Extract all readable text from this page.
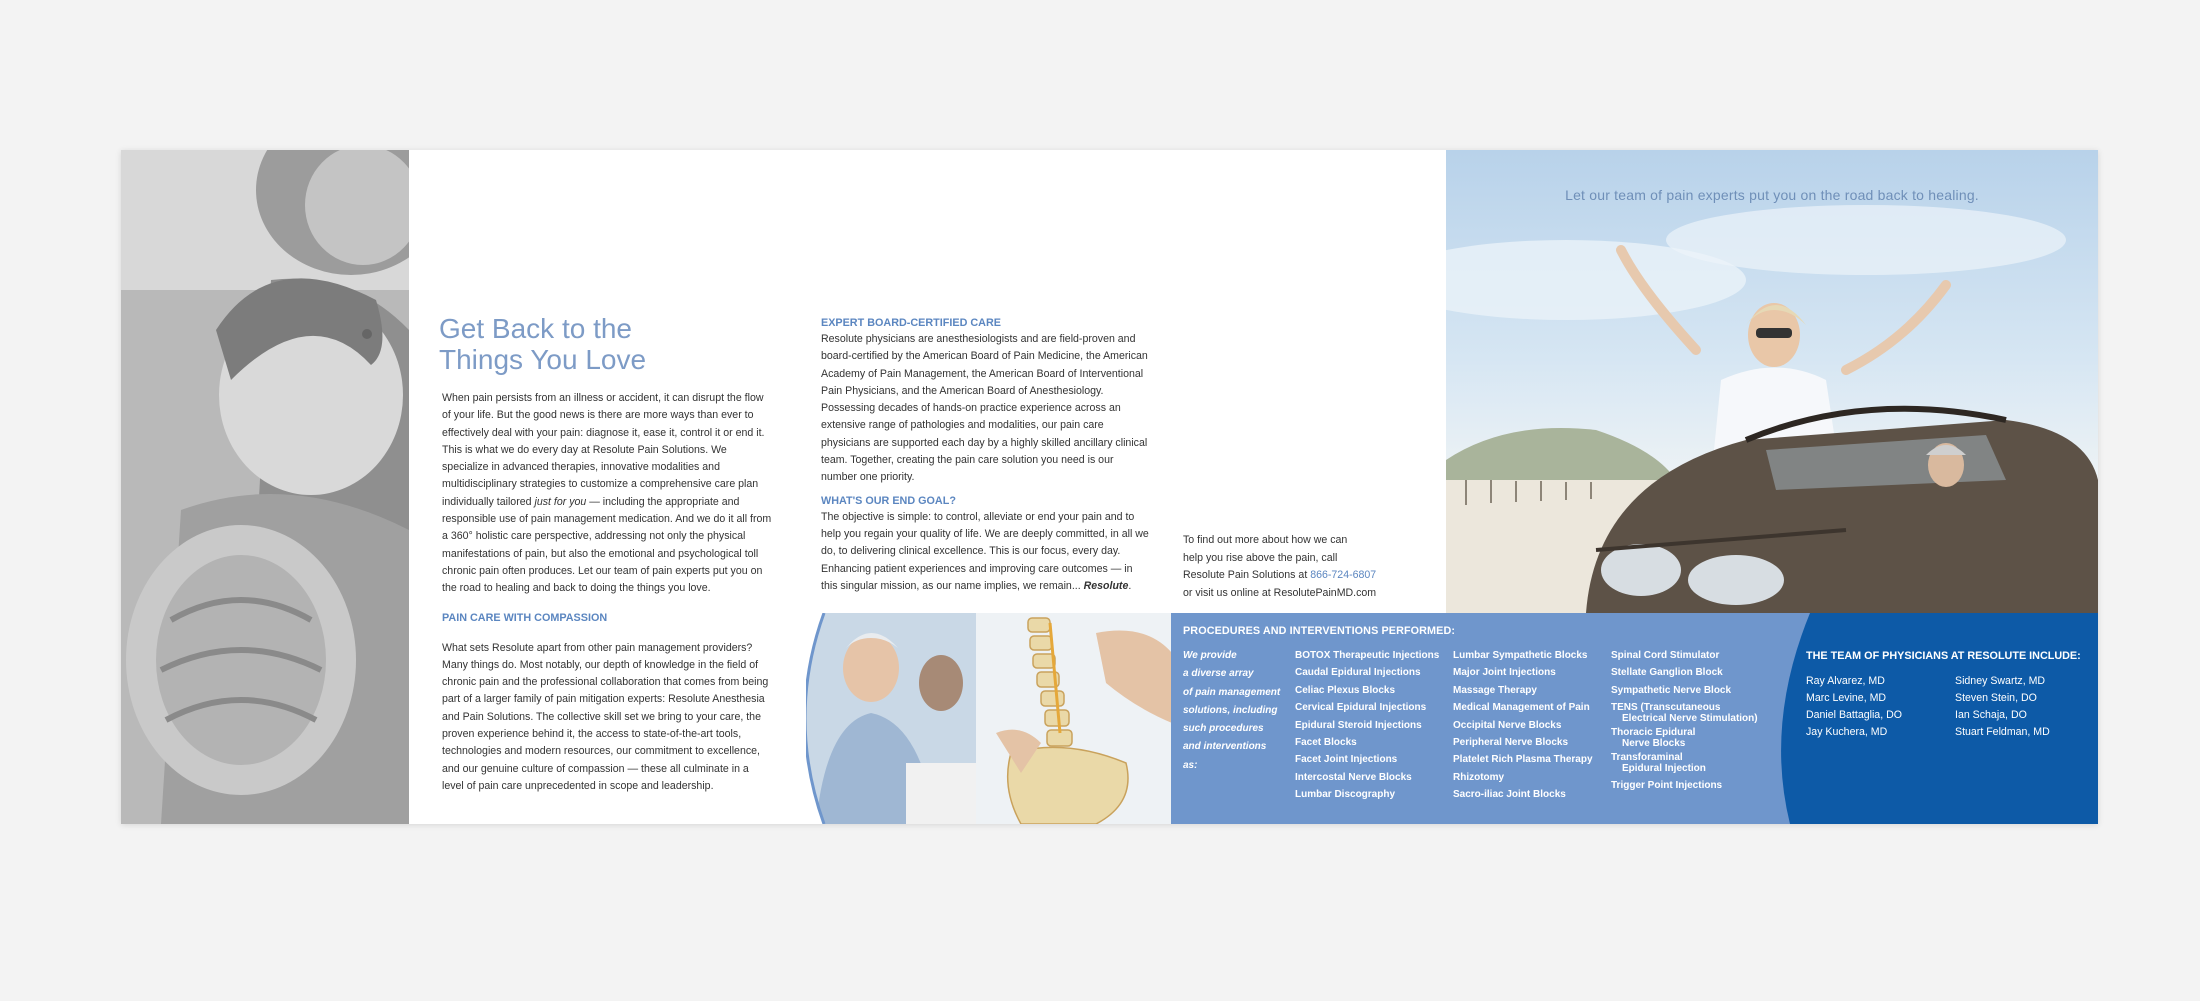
Get Back to the
Things You Love

When pain persists from an illness or accident, it can disrupt the flow of your life. But the good news is there are more ways than ever to effectively deal with your pain: diagnose it, ease it, control it or end it. This is what we do every day at Resolute Pain Solutions. We specialize in advanced therapies, innovative modalities and multidisciplinary strategies to customize a comprehensive care plan individually tailored just for you — including the appropriate and responsible use of pain management medication. And we do it all from a 360° holistic care perspective, addressing not only the physical manifestations of pain, but also the emotional and psychological toll chronic pain often produces. Let our team of pain experts put you on the road to healing and back to doing the things you love.

PAIN CARE WITH COMPASSION

What sets Resolute apart from other pain management providers? Many things do. Most notably, our depth of knowledge in the field of chronic pain and the professional collaboration that comes from being part of a larger family of pain mitigation experts: Resolute Anesthesia and Pain Solutions. The collective skill set we bring to your care, the proven experience behind it, the access to state-of-the-art tools, technologies and modern resources, our commitment to excellence, and our genuine culture of compassion — these all culminate in a level of pain care unprecedented in scope and leadership.

EXPERT BOARD-CERTIFIED CARE

Resolute physicians are anesthesiologists and are field-proven and board-certified by the American Board of Pain Medicine, the American Academy of Pain Management, the American Board of Interventional Pain Physicians, and the American Board of Anesthesiology. Possessing decades of hands-on practice experience across an extensive range of pathologies and modalities, our pain care physicians are supported each day by a highly skilled ancillary clinical team. Together, creating the pain care solution you need is our number one priority.

WHAT'S OUR END GOAL?

The objective is simple: to control, alleviate or end your pain and to help you regain your quality of life. We are deeply committed, in all we do, to delivering clinical excellence. This is our focus, every day. Enhancing patient experiences and improving care outcomes — in this singular mission, as our name implies, we remain... Resolute.

To find out more about how we can
help you rise above the pain, call
Resolute Pain Solutions at 866-724-6807
or visit us online at ResolutePainMD.com
PROCEDURES AND INTERVENTIONS PERFORMED:
We provide
a diverse array
of pain management
solutions, including
such procedures
and interventions as:
BOTOX Therapeutic Injections
Caudal Epidural Injections
Celiac Plexus Blocks
Cervical Epidural Injections
Epidural Steroid Injections
Facet Blocks
Facet Joint Injections
Intercostal Nerve Blocks
Lumbar Discography
Lumbar Sympathetic Blocks
Major Joint Injections
Massage Therapy
Medical Management of Pain
Occipital Nerve Blocks
Peripheral Nerve Blocks
Platelet Rich Plasma Therapy
Rhizotomy
Sacro-iliac Joint Blocks
Spinal Cord Stimulator
Stellate Ganglion Block
Sympathetic Nerve Block
TENS (Transcutaneous
Electrical Nerve Stimulation)
Thoracic Epidural
Nerve Blocks
Transforaminal
Epidural Injection
Trigger Point Injections
THE TEAM OF PHYSICIANS AT RESOLUTE INCLUDE:
Ray Alvarez, MD
Marc Levine, MD
Daniel Battaglia, DO
Jay Kuchera, MD
Sidney Swartz, MD
Steven Stein, DO
Ian Schaja, DO
Stuart Feldman, MD
Let our team of pain experts put you on the road back to healing.
